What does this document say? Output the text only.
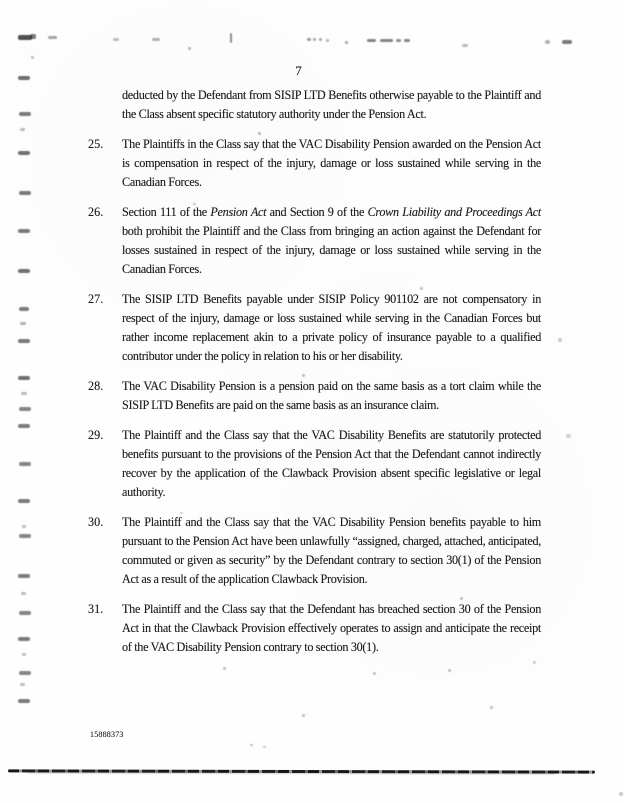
7
deducted by the Defendant from SISIP LTD Benefits otherwise payable to the Plaintiff and the Class absent specific statutory authority under the Pension Act.
25. The Plaintiffs in the Class say that the VAC Disability Pension awarded on the Pension Act is compensation in respect of the injury, damage or loss sustained while serving in the Canadian Forces.
26. Section 111 of the Pension Act and Section 9 of the Crown Liability and Proceedings Act both prohibit the Plaintiff and the Class from bringing an action against the Defendant for losses sustained in respect of the injury, damage or loss sustained while serving in the Canadian Forces.
27. The SISIP LTD Benefits payable under SISIP Policy 901102 are not compensatory in respect of the injury, damage or loss sustained while serving in the Canadian Forces but rather income replacement akin to a private policy of insurance payable to a qualified contributor under the policy in relation to his or her disability.
28. The VAC Disability Pension is a pension paid on the same basis as a tort claim while the SISIP LTD Benefits are paid on the same basis as an insurance claim.
29. The Plaintiff and the Class say that the VAC Disability Benefits are statutorily protected benefits pursuant to the provisions of the Pension Act that the Defendant cannot indirectly recover by the application of the Clawback Provision absent specific legislative or legal authority.
30. The Plaintiff and the Class say that the VAC Disability Pension benefits payable to him pursuant to the Pension Act have been unlawfully “assigned, charged, attached, anticipated, commuted or given as security” by the Defendant contrary to section 30(1) of the Pension Act as a result of the application Clawback Provision.
31. The Plaintiff and the Class say that the Defendant has breached section 30 of the Pension Act in that the Clawback Provision effectively operates to assign and anticipate the receipt of the VAC Disability Pension contrary to section 30(1).
15888373
